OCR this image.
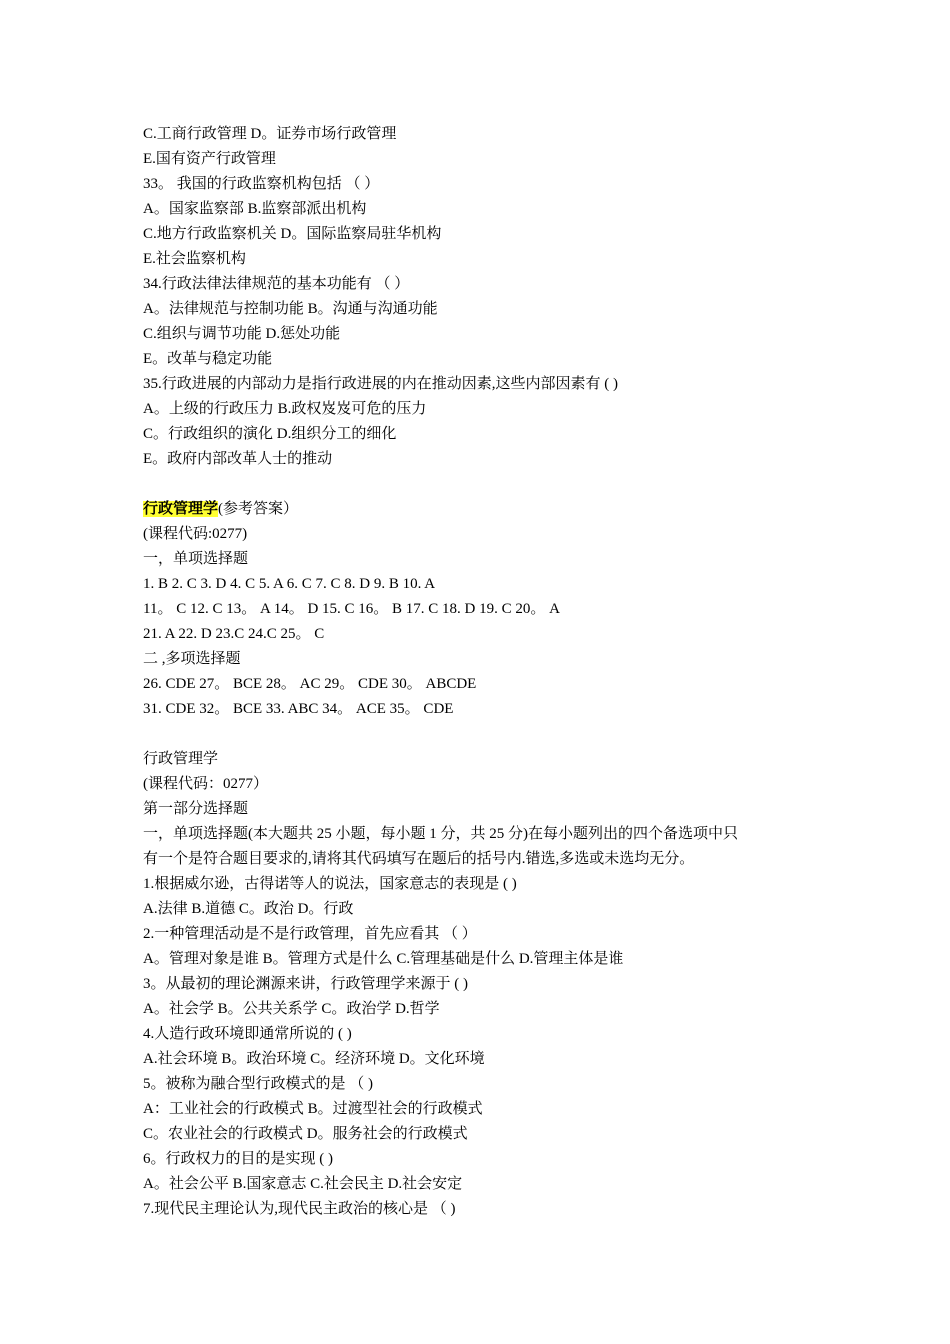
C.工商行政管理 D。证券市场行政管理
E.国有资产行政管理
33。 我国的行政监察机构包括 （ ）
A。国家监察部 B.监察部派出机构
C.地方行政监察机关 D。国际监察局驻华机构
E.社会监察机构
34.行政法律法律规范的基本功能有 （ ）
A。法律规范与控制功能 B。沟通与沟通功能
C.组织与调节功能 D.惩处功能
E。改革与稳定功能
35.行政进展的内部动力是指行政进展的内在推动因素,这些内部因素有 ( )
A。上级的行政压力 B.政权岌岌可危的压力
C。行政组织的演化 D.组织分工的细化
E。政府内部改革人士的推动
行政管理学(参考答案）
(课程代码:0277)
一，单项选择题
1. B 2. C 3. D 4. C 5. A 6. C 7. C 8. D 9. B 10. A
11。 C 12. C 13。 A 14。 D 15. C 16。 B 17. C 18. D 19. C 20。 A
21. A 22. D 23.C 24.C 25。 C
二 ,多项选择题
26. CDE 27。 BCE 28。 AC 29。 CDE 30。 ABCDE
31. CDE 32。 BCE 33. ABC 34。 ACE 35。 CDE
行政管理学
(课程代码：0277）
第一部分选择题
一，单项选择题(本大题共 25 小题，每小题 1 分，共 25 分)在每小题列出的四个备选项中只
有一个是符合题目要求的,请将其代码填写在题后的括号内.错选,多选或未选均无分。
1.根据威尔逊，古得诺等人的说法，国家意志的表现是 ( )
A.法律 B.道德 C。政治 D。行政
2.一种管理活动是不是行政管理，首先应看其 （ ）
A。管理对象是谁 B。管理方式是什么 C.管理基础是什么 D.管理主体是谁
3。从最初的理论渊源来讲，行政管理学来源于 ( )
A。社会学 B。公共关系学 C。政治学 D.哲学
4.人造行政环境即通常所说的 ( )
A.社会环境 B。政治环境 C。经济环境 D。文化环境
5。被称为融合型行政模式的是 （ )
A：工业社会的行政模式 B。过渡型社会的行政模式
C。农业社会的行政模式 D。服务社会的行政模式
6。行政权力的目的是实现 ( )
A。社会公平 B.国家意志 C.社会民主 D.社会安定
7.现代民主理论认为,现代民主政治的核心是 （ )
